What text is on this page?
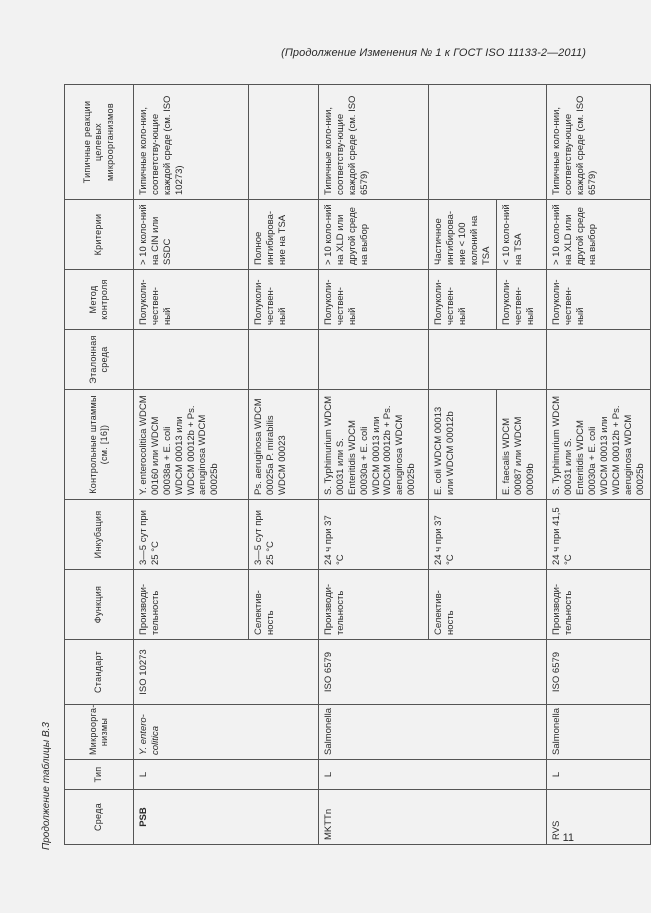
(Продолжение Изменения № 1 к ГОСТ ISO 11133-2—2011)
Продолжение таблицы В.3	Среда	Тип	Микроорга-низмы	Стандарт	Функция	Инкубация	Контрольные штаммы (см. [16])	Эталонная среда	Метод контроля	Критерии	Типичные реакции целевых микроорганизмов
PSB	L	Y. entero-colitica	ISO 10273	Производи-тельность	3—5 сут при 25 °С	Y. enterocolitica WDCM 00160 или WDCM 00038a + E. coli WDCM 00013 или WDCM 00012b + Ps. aeruginosa WDCM 00025b		Полуколи-чествен-ный	> 10 коло-ний на CIN или SSDC	Типичные коло-нии, соответству-ющие каждой среде (см. ISO 10273)
				Селектив-ность	3—5 сут при 25 °С	Ps. aeruginosa WDCM 00025a P. mirabilis WDCM 00023		Полуколи-чествен-ный	Полное ингибирова-ние на TSA	
MKTTn	L	Salmonella	ISO 6579	Производи-тельность	24 ч при 37 °С	S. Typhimurium WDCM 00031 или S. Enteritidis WDCM 00030a + E. coli WDCM 00013 или WDCM 00012b + Ps. aeruginosa WDCM 00025b		Полуколи-чествен-ный	> 10 коло-ний на XLD или другой среде на выбор	Типичные коло-нии, соответству-ющие каждой среде (см. ISO 6579)
				Селектив-ность	24 ч при 37 °С	E. coli WDCM 00013 или WDCM 00012b		Полуколи-чествен-ный	Частичное ингибирова-ние < 100 колоний на TSA	
						E. faecalis WDCM 00087 или WDCM 00009b		Полуколи-чествен-ный	< 10 коло-ний на TSA	
RVS	L	Salmonella	ISO 6579	Производи-тельность	24 ч при 41,5 °С	S. Typhimurium WDCM 00031 или S. Enteritidis WDCM 00030a + E. coli WDCM 00013 или WDCM 00012b + Ps. aeruginosa WDCM 00025b		Полуколи-чествен-ный	> 10 коло-ний на XLD или другой среде на выбор	Типичные коло-нии, соответству-ющие каждой среде (см. ISO 6579)
11
